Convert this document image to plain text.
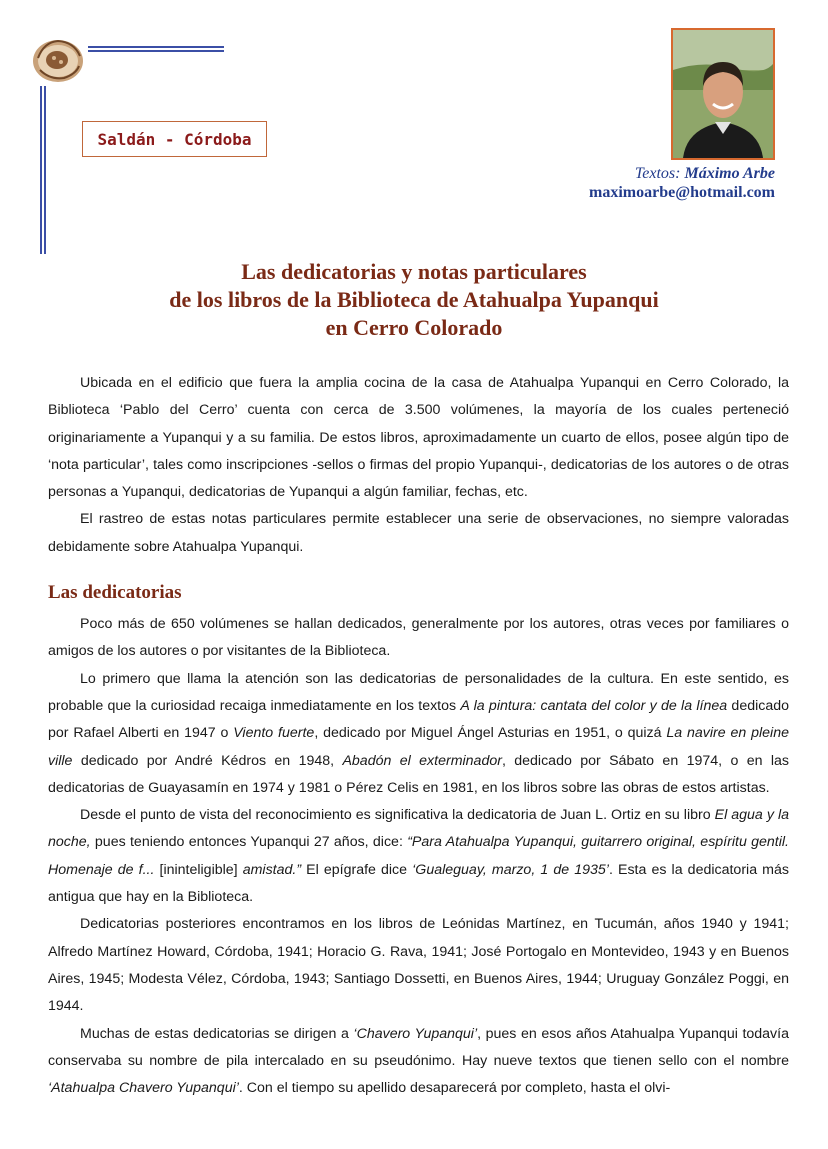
Saldán - Córdoba
Textos: Máximo Arbe
maximoarbe@hotmail.com
Las dedicatorias y notas particulares
de los libros de la Biblioteca de Atahualpa Yupanqui
en Cerro Colorado

Ubicada en el edificio que fuera la amplia cocina de la casa de Atahualpa Yupanqui en Cerro Colorado, la Biblioteca ‘Pablo del Cerro’ cuenta con cerca de 3.500 volúmenes, la mayoría de los cuales perteneció originariamente a Yupanqui y a su familia. De estos libros, aproximadamente un cuarto de ellos, posee algún tipo de ‘nota particular’, tales como inscripciones -sellos o firmas del propio Yupanqui-, dedicatorias de los autores o de otras personas a Yupanqui, dedicatorias de Yupanqui a algún familiar, fechas, etc.

El rastreo de estas notas particulares permite establecer una serie de observaciones, no siempre valoradas debidamente sobre Atahualpa Yupanqui.

Las dedicatorias

Poco más de 650 volúmenes se hallan dedicados, generalmente por los autores, otras veces por familiares o amigos de los autores o por visitantes de la Biblioteca.

Lo primero que llama la atención son las dedicatorias de personalidades de la cultura. En este sentido, es probable que la curiosidad recaiga inmediatamente en los textos A la pintura: cantata del color y de la línea dedicado por Rafael Alberti en 1947 o Viento fuerte, dedicado por Miguel Ángel Asturias en 1951, o quizá La navire en pleine ville dedicado por André Kédros en 1948, Abadón el exterminador, dedicado por Sábato en 1974, o en las dedicatorias de Guayasamín en 1974 y 1981 o Pérez Celis en 1981, en los libros sobre las obras de estos artistas.

Desde el punto de vista del reconocimiento es significativa la dedicatoria de Juan L. Ortiz en su libro El agua y la noche, pues teniendo entonces Yupanqui 27 años, dice: “Para Atahualpa Yupanqui, guitarrero original, espíritu gentil. Homenaje de f... [ininteligible] amistad.” El epígrafe dice ‘Gualeguay, marzo, 1 de 1935’. Esta es la dedicatoria más antigua que hay en la Biblioteca.

Dedicatorias posteriores encontramos en los libros de Leónidas Martínez, en Tucumán, años 1940 y 1941; Alfredo Martínez Howard, Córdoba, 1941; Horacio G. Rava, 1941; José Portogalo en Montevideo, 1943 y en Buenos Aires, 1945; Modesta Vélez, Córdoba, 1943; Santiago Dossetti, en Buenos Aires, 1944; Uruguay González Poggi, en 1944.

Muchas de estas dedicatorias se dirigen a ‘Chavero Yupanqui’, pues en esos años Atahualpa Yupanqui todavía conservaba su nombre de pila intercalado en su pseudónimo. Hay nueve textos que tienen sello con el nombre ‘Atahualpa Chavero Yupanqui’. Con el tiempo su apellido desaparecerá por completo, hasta el olvi-
